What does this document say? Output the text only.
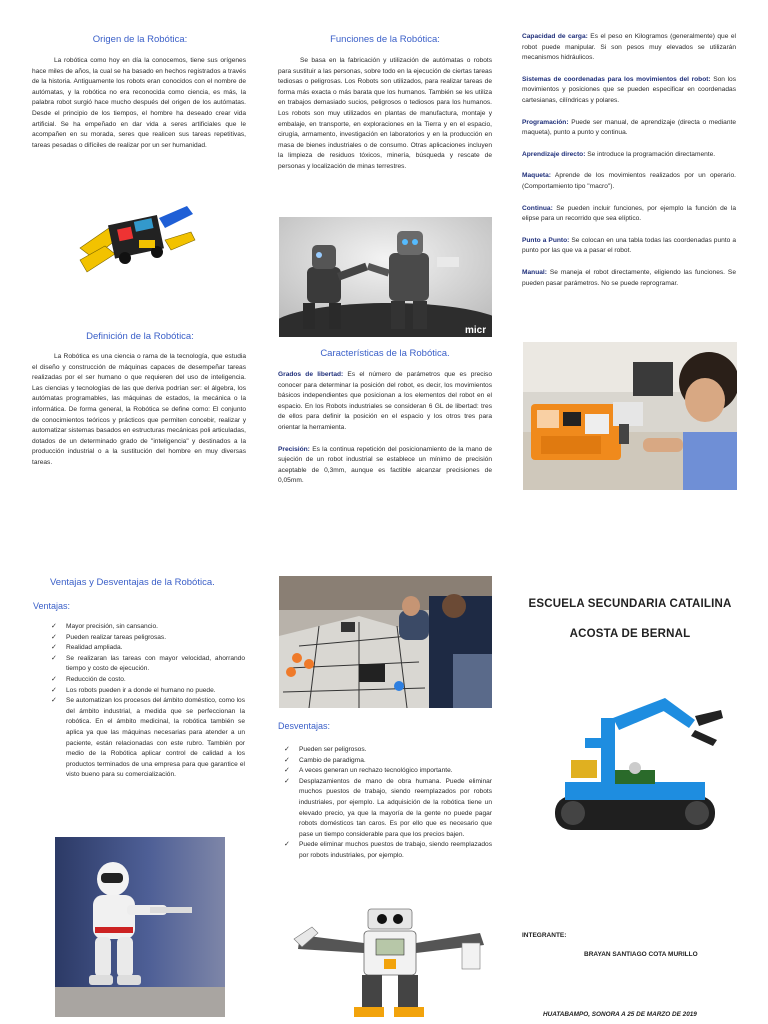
Origen de la Robótica:

La robótica como hoy en día la conocemos, tiene sus orígenes hace miles de años, la cual se ha basado en hechos registrados a través de la historia. Antiguamente los robots eran conocidos con el nombre de autómatas, y la robótica no era reconocida como ciencia, es más, la palabra robot surgió hace mucho después del origen de los autómatas. Desde el principio de los tiempos, el hombre ha deseado crear vida artificial. Se ha empeñado en dar vida a seres artificiales que le acompañen en su morada, seres que realicen sus tareas repetitivas, tareas pesadas o difíciles de realizar por un ser humanidad.

Definición de la Robótica:

La Robótica es una ciencia o rama de la tecnología, que estudia el diseño y construcción de máquinas capaces de desempeñar tareas realizadas por el ser humano o que requieren del uso de inteligencia. Las ciencias y tecnologías de las que deriva podrían ser: el álgebra, los autómatas programables, las máquinas de estados, la mecánica o la informática. De forma general, la Robótica se define como: El conjunto de conocimientos teóricos y prácticos que permiten concebir, realizar y automatizar sistemas basados en estructuras mecánicas poli articuladas, dotados de un determinado grado de "inteligencia" y destinados a la producción industrial o a la sustitución del hombre en muy diversas tareas.

Funciones de la Robótica:

Se basa en la fabricación y utilización de autómatas o robots para sustituir a las personas, sobre todo en la ejecución de ciertas tareas tediosas o peligrosas. Los Robots son utilizados, para realizar tareas de forma más exacta o más barata que los humanos. También se les utiliza en trabajos demasiado sucios, peligrosos o tediosos para los humanos. Los robots son muy utilizados en plantas de manufactura, montaje y embalaje, en transporte, en exploraciones en la Tierra y en el espacio, cirugía, armamento, investigación en laboratorios y en la producción en masa de bienes industriales o de consumo. Otras aplicaciones incluyen la limpieza de residuos tóxicos, minería, búsqueda y rescate de personas y localización de minas terrestres.

micr
Características de la Robótica.

Grados de libertad: Es el número de parámetros que es preciso conocer para determinar la posición del robot, es decir, los movimientos básicos independientes que posicionan a los elementos del robot en el espacio. En los Robots industriales se consideran 6 GL de libertad: tres de ellos para definir la posición en el espacio y los otros tres para orientar la herramienta.

Precisión: Es la continua repetición del posicionamiento de la mano de sujeción de un robot industrial se establece un mínimo de precisión aceptable de 0,3mm, aunque es factible alcanzar precisiones de 0,05mm.

Capacidad de carga: Es el peso en Kilogramos (generalmente) que el robot puede manipular. Si son pesos muy elevados se utilizarán mecanismos hidráulicos.

Sistemas de coordenadas para los movimientos del robot: Son los movimientos y posiciones que se pueden especificar en coordenadas cartesianas, cilíndricas y polares.

Programación: Puede ser manual, de aprendizaje (directa o mediante maqueta), punto a punto y continua.

Aprendizaje directo: Se introduce la programación directamente.

Maqueta: Aprende de los movimientos realizados por un operario. (Comportamiento tipo "macro").

Continua: Se pueden incluir funciones, por ejemplo la función de la elipse para un recorrido que sea elíptico.

Punto a Punto: Se colocan en una tabla todas las coordenadas punto a punto por las que va a pasar el robot.

Manual: Se maneja el robot directamente, eligiendo las funciones. Se pueden pasar parámetros. No se puede reprogramar.

Ventajas y Desventajas de la Robótica.
Ventajas:
✓ Mayor precisión, sin cansancio.
✓ Pueden realizar tareas peligrosas.
✓ Realidad ampliada.
✓ Se realizaran las tareas con mayor velocidad, ahorrando tiempo y costo de ejecución.
✓ Reducción de costo.
✓ Los robots pueden ir a donde el humano no puede.
✓ Se automatizan los procesos del ámbito doméstico, como los del ámbito industrial, a medida que se perfeccionan la robótica. En el ámbito medicinal, la robótica también se aplica ya que las máquinas necesarias para atender a un paciente, están relacionadas con este rubro. También por medio de la Robótica aplicar control de calidad a los productos terminados de una empresa para que garantice el visto bueno para su comercialización.
Desventajas:
✓ Pueden ser peligrosos.
✓ Cambio de paradigma.
✓ A veces generan un rechazo tecnológico importante.
✓ Desplazamientos de mano de obra humana. Puede eliminar muchos puestos de trabajo, siendo reemplazados por robots industriales, por ejemplo. La adquisición de la robótica tiene un elevado precio, ya que la mayoría de la gente no puede pagar robots domésticos tan caros. Es por ello que es necesario que pase un tiempo considerable para que los precios bajen.
✓ Puede eliminar muchos puestos de trabajo, siendo reemplazados por robots industriales, por ejemplo.
ESCUELA SECUNDARIA CATAILINA
ACOSTA DE BERNAL
INTEGRANTE:
BRAYAN SANTIAGO COTA MURILLO
HUATABAMPO, SONORA A 25 DE MARZO DE 2019
